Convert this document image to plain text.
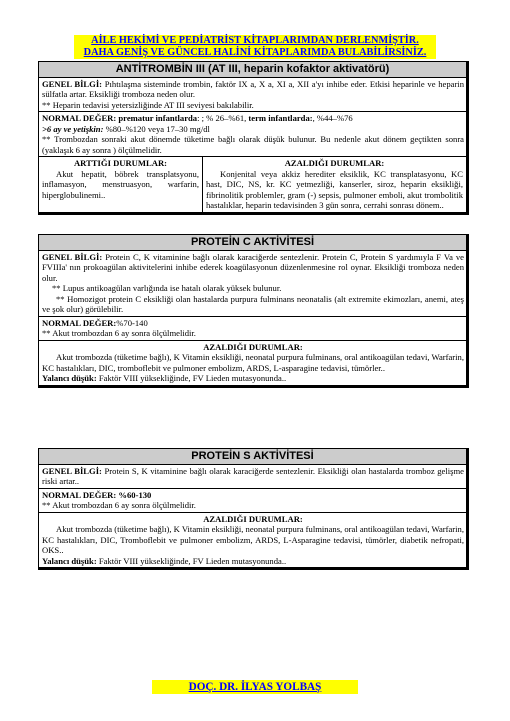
AİLE HEKİMİ VE PEDİATRİST KİTAPLARIMDAN DERLENMİŞTİR.
DAHA GENİŞ VE GÜNCEL HALİNİ KİTAPLARIMDA BULABİLİRSİNİZ.
ANTİTROMBİN III (AT III, heparin kofaktor aktivatörü)
GENEL BİLGİ: Pıhtılaşma sisteminde trombin, faktör IX a, X a, XI a, XII a'yı inhibe eder. Etkisi heparinle ve heparin sülfatla artar. Eksikliği tromboza neden olur.
** Heparin tedavisi yetersizliğinde AT III seviyesi bakılabilir.
NORMAL DEĞER: prematur infantlarda: ; % 26–%61, term infantlarda:, %44–%76
>6 ay ve yetişkin: %80–%120 veya 17–30 mg/dl
** Trombozdan sonraki akut dönemde tüketime bağlı olarak düşük bulunur. Bu nedenle akut dönem geçtikten sonra (yaklaşık 6 ay sonra ) ölçülmelidir.
ARTTIĞI DURUMLAR:
Akut hepatit, böbrek transplatsyonu, inflamasyon, menstruasyon, warfarin, hiperglobulinemi..
AZALDIĞI DURUMLAR:
Konjenital veya akkiz herediter eksiklik, KC transplatasyonu, KC hast, DIC, NS, kr. KC yetmezliği, kanserler, siroz, heparin eksikliği, fibrinolitik problemler, gram (-) sepsis, pulmoner emboli, akut trombolitik hastalıklar, heparin tedavisinden 3 gün sonra, cerrahi sonrası dönem..
PROTEİN C AKTİVİTESİ
GENEL BİLGİ: Protein C, K vitaminine bağlı olarak karaciğerde sentezlenir. Protein C, Protein S yardımıyla F Va ve FVIIIa' nın prokoagülan aktivitelerini inhibe ederek koagülasyonun düzenlenmesine rol oynar. Eksikliği tromboza neden olur.
** Lupus antikoagülan varlığında ise hatalı olarak yüksek bulunur.
** Homozigot protein C eksikliği olan hastalarda purpura fulminans neonatalis (alt extremite ekimozları, anemi, ateş ve şok olur) görülebilir.
NORMAL DEĞER:%70-140
** Akut trombozdan 6 ay sonra ölçülmelidir.
AZALDIĞI DURUMLAR:
Akut trombozda (tüketime bağlı), K Vitamin eksikliği, neonatal purpura fulminans, oral antikoagülan tedavi, Warfarin, KC hastalıkları, DIC, tromboflebit ve pulmoner embolizm, ARDS, L-asparagine tedavisi, tümörler..
Yalancı düşük: Faktör VIII yüksekliğinde, FV Lieden mutasyonunda..
PROTEİN S AKTİVİTESİ
GENEL BİLGİ: Protein S, K vitaminine bağlı olarak karaciğerde sentezlenir. Eksikliği olan hastalarda tromboz gelişme riski artar..
NORMAL DEĞER: %60-130
** Akut trombozdan 6 ay sonra ölçülmelidir.
AZALDIĞI DURUMLAR:
Akut trombozda (tüketime bağlı), K Vitamin eksikliği, neonatal purpura fulminans, oral antikoagülan tedavi, Warfarin, KC hastalıkları, DIC, Tromboflebit ve pulmoner embolizm, ARDS, L-Asparagine tedavisi, tümörler, diabetik nefropati, OKS..
Yalancı düşük: Faktör VIII yüksekliğinde, FV Lieden mutasyonunda..
DOÇ. DR. İLYAS YOLBAŞ
